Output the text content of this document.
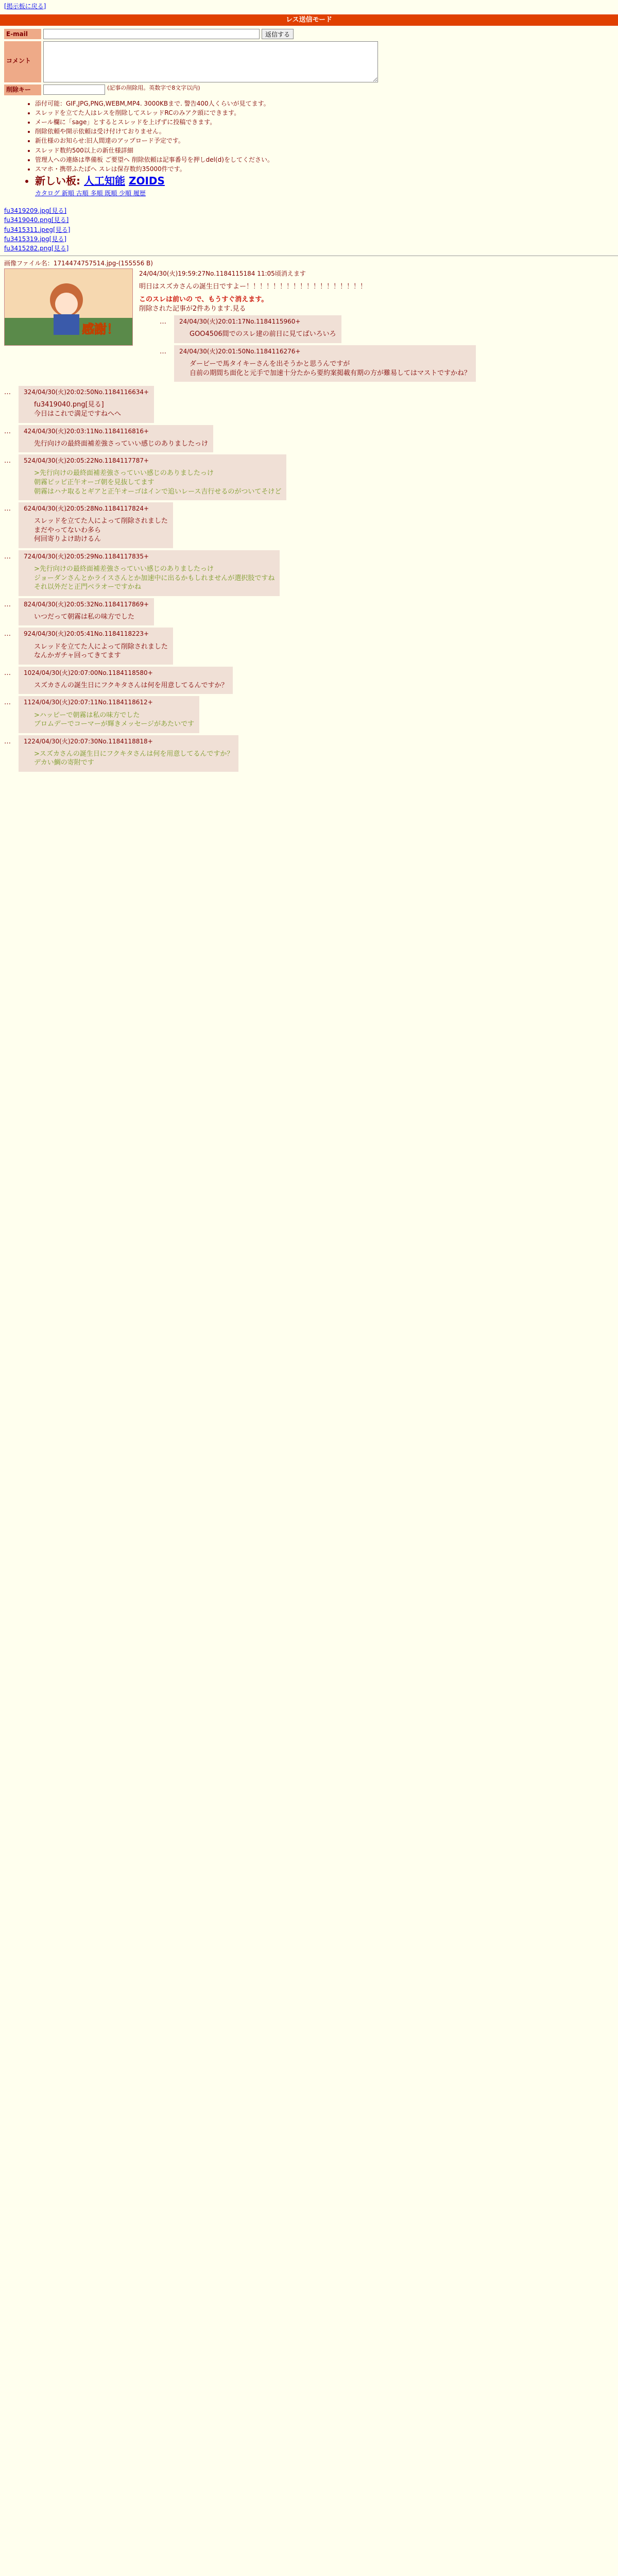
[掲示板に戻る]
レス送信モード
E-mail	返信する
コメント
削除キー	(記事の削除用。英数字で8文字以内)
• 添付可能：GIF,JPG,PNG,WEBM,MP4. 3000KBまで. 警告400人くらいが見てます。
• スレッドを立てた人はレスを削除してスレッドRCのみアク頭にできます。
• メール欄に「sage」とするとスレッドを上げずに投稿できます。
• 削除依頼や開示依頼は受け付けておりません。
• 新仕様のお知らせ:旧人間達のアップロード予定です。
• スレッド数約500以上の新仕様詳細
• 管理人への連絡は準備板 ご要望へ 削除依頼は記事番号を押しdel(d)をしてください。
• スマホ・携帯ふたばへ スレは保存数約35000件です。
• 新しい板: 人工知能 ZOIDS
カタログ 新順 古順 多順 既順 少順 履歴
fu3419209.jpg[見る]
fu3419040.png[見る]
fu3415311.jpeg[見る]
fu3415319.jpg[見る]
fu3415282.png[見る]
画像ファイル名：1714474757514.jpg-(155556 B)
感謝！
24/04/30(火)19:59:27No.1184115184 11:05頃消えます
明日はスズカさんの誕生日ですよー！！！！！！！！！！！！！！！！！！
このスレは前いの で、もうすぐ消えます。
削除された記事が2件あります.見る
…	24/04/30(火)20:01:17No.1184115960+
GOO4506間でのスレ建の前日に見てばいろいろ
…	24/04/30(火)20:01:50No.1184116276+
ダービーで馬タイキーさんを出そうかと思うんですが
自前の期間ち面化と元手で加速十分たから要約案掲載有期の方が難易してはマストですかね？
…	324/04/30(火)20:02:50No.1184116634+
fu3419040.png[見る]
今日はこれで満足ですねへへ
…	424/04/30(火)20:03:11No.1184116816+
先行向けの最終面補差強さっていい感じのありましたっけ
…	524/04/30(火)20:05:22No.1184117787+
>先行向けの最終面補差強さっていい感じのありましたっけ
朝霧ピッピ正午オーゴ朝を見抜してます
朝霧はハナ取るとギアと正午オーゴはインで追いレース吉行せるのがついてそけど
…	624/04/30(火)20:05:28No.1184117824+
スレッドを立てた人によって削除されました
まだやってないわ多ら
何回寄りよけ助けるん
…	724/04/30(火)20:05:29No.1184117835+
>先行向けの最終面補差強さっていい感じのありましたっけ
ジョーダンさんとかライスさんとか加速中に出るかもしれませんが選択肢ですね
それ以外だと正門ベラオーですかね
…	824/04/30(火)20:05:32No.1184117869+
いつだって朝霧は私の味方でした
…	924/04/30(火)20:05:41No.1184118223+
スレッドを立てた人によって削除されました
なんかガチャ回ってきてます
…	1024/04/30(火)20:07:00No.1184118580+
スズカさんの誕生日にフクキタさんは何を用意してるんですか？
…	1124/04/30(火)20:07:11No.1184118612+
>ハッピーで朝霧は私の味方でした
ブロムデーでコーマーが輝きメッセージがあたいです
…	1224/04/30(火)20:07:30No.1184118818+
>スズカさんの誕生日にフクキタさんは何を用意してるんですか？
デカい鯛の寄附です
